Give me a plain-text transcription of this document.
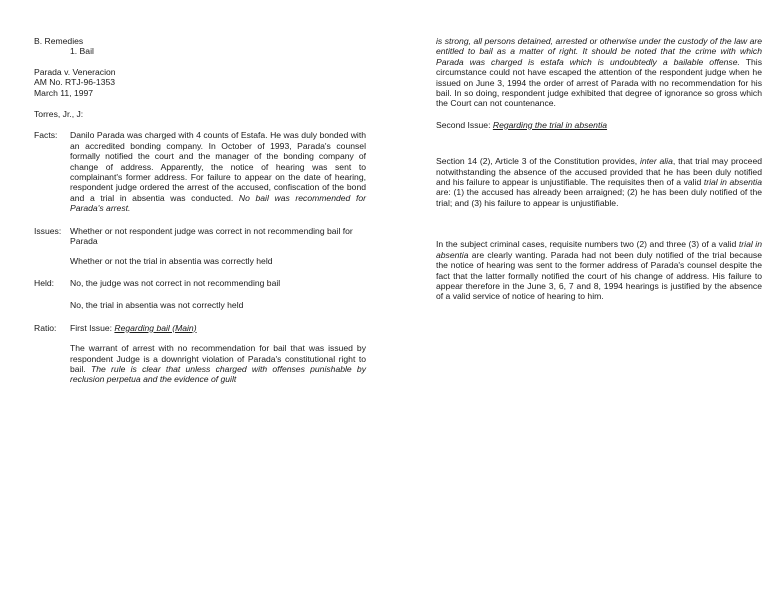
B. Remedies

1. Bail

Parada v. Veneracion

AM No. RTJ-96-1353

March 11, 1997

Torres, Jr., J:

Facts:	Danilo Parada was charged with 4 counts of Estafa. He was duly bonded with an accredited bonding company. In October of 1993, Parada's counsel formally notified the court and the manager of the bonding company of change of address. Apparently, the notice of hearing was sent to complainant's former address. For failure to appear on the date of hearing, respondent judge ordered the arrest of the accused, confiscation of the bond and a trial in absentia was conducted. No bail was recommended for Parada's arrest.

Issues:	Whether or not respondent judge was correct in not recommending bail for Parada

Whether or not the trial in absentia was correctly held

Held:	No, the judge was not correct in not recommending bail

No, the trial in absentia was not correctly held

Ratio:	First Issue: Regarding bail (Main)

The warrant of arrest with no recommendation for bail that was issued by respondent Judge is a downright violation of Parada's constitutional right to bail. The rule is clear that unless charged with offenses punishable by reclusion perpetua and the evidence of guilt

is strong, all persons detained, arrested or otherwise under the custody of the law are entitled to bail as a matter of right. It should be noted that the crime with which Parada was charged is estafa which is undoubtedly a bailable offense. This circumstance could not have escaped the attention of the respondent judge when he issued on June 3, 1994 the order of arrest of Parada with no recommendation for his bail. In so doing, respondent judge exhibited that degree of ignorance so gross which the Court can not countenance.

Second Issue: Regarding the trial in absentia

Section 14 (2), Article 3 of the Constitution provides, inter alia, that trial may proceed notwithstanding the absence of the accused provided that he has been duly notified and his failure to appear is unjustifiable. The requisites then of a valid trial in absentia are: (1) the accused has already been arraigned; (2) he has been duly notified of the trial; and (3) his failure to appear is unjustifiable.

In the subject criminal cases, requisite numbers two (2) and three (3) of a valid trial in absentia are clearly wanting. Parada had not been duly notified of the trial because the notice of hearing was sent to the former address of Parada's counsel despite the fact that the latter formally notified the court of his change of address. His failure to appear therefore in the June 3, 6, 7 and 8, 1994 hearings is justified by the absence of a valid service of notice of hearing to him.
